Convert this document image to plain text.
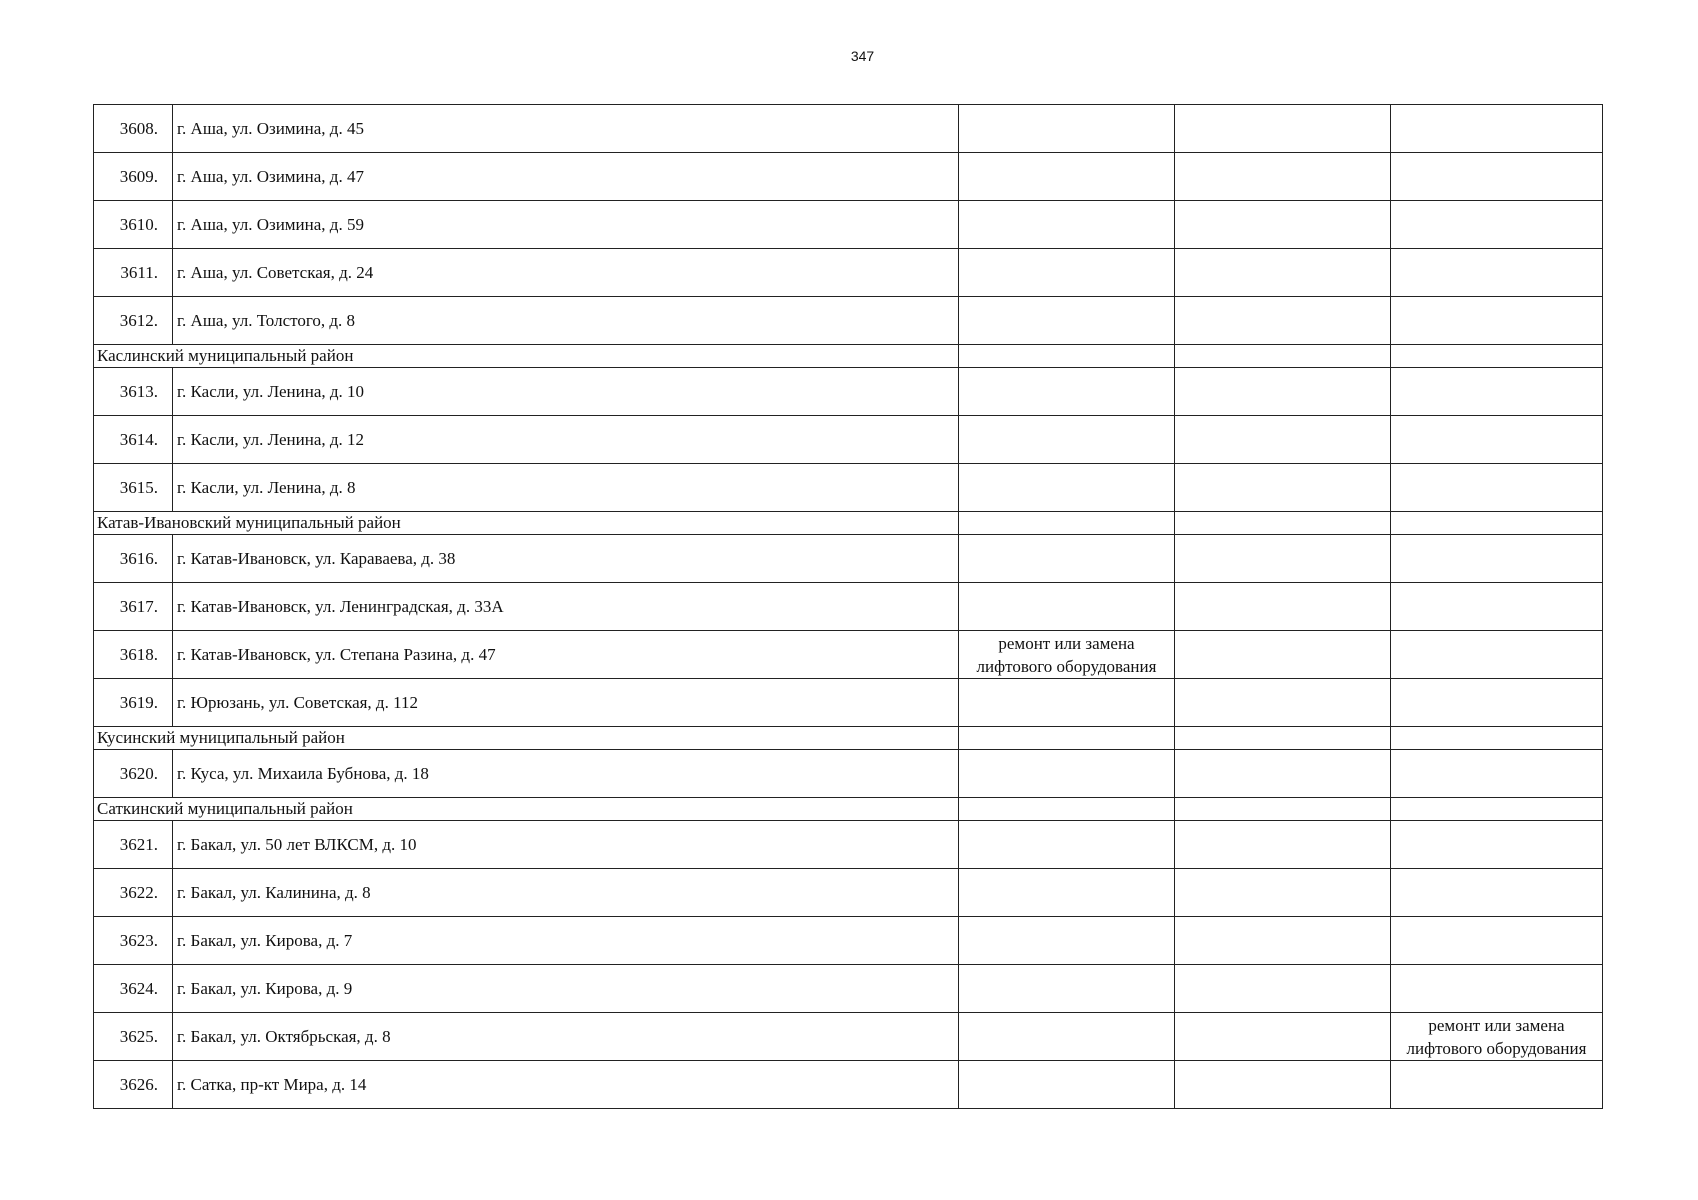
347
3608.	г. Аша, ул. Озимина, д. 45			
3609.	г. Аша, ул. Озимина, д. 47			
3610.	г. Аша, ул. Озимина, д. 59			
3611.	г. Аша, ул. Советская, д. 24			
3612.	г. Аша, ул. Толстого, д. 8			
Каслинский муниципальный район				
3613.	г. Касли, ул. Ленина, д. 10			
3614.	г. Касли, ул. Ленина, д. 12			
3615.	г. Касли, ул. Ленина, д. 8			
Катав-Ивановский муниципальный район				
3616.	г. Катав-Ивановск, ул. Караваева, д. 38			
3617.	г. Катав-Ивановск, ул. Ленинградская, д. 33А			
3618.	г. Катав-Ивановск, ул. Степана Разина, д. 47	ремонт или замена лифтового оборудования		
3619.	г. Юрюзань, ул. Советская, д. 112			
Кусинский муниципальный район				
3620.	г. Куса, ул. Михаила Бубнова, д. 18			
Саткинский муниципальный район				
3621.	г. Бакал, ул. 50 лет ВЛКСМ, д. 10			
3622.	г. Бакал, ул. Калинина, д. 8			
3623.	г. Бакал, ул. Кирова, д. 7			
3624.	г. Бакал, ул. Кирова, д. 9			
3625.	г. Бакал, ул. Октябрьская, д. 8			ремонт или замена лифтового оборудования
3626.	г. Сатка, пр-кт Мира, д. 14			
